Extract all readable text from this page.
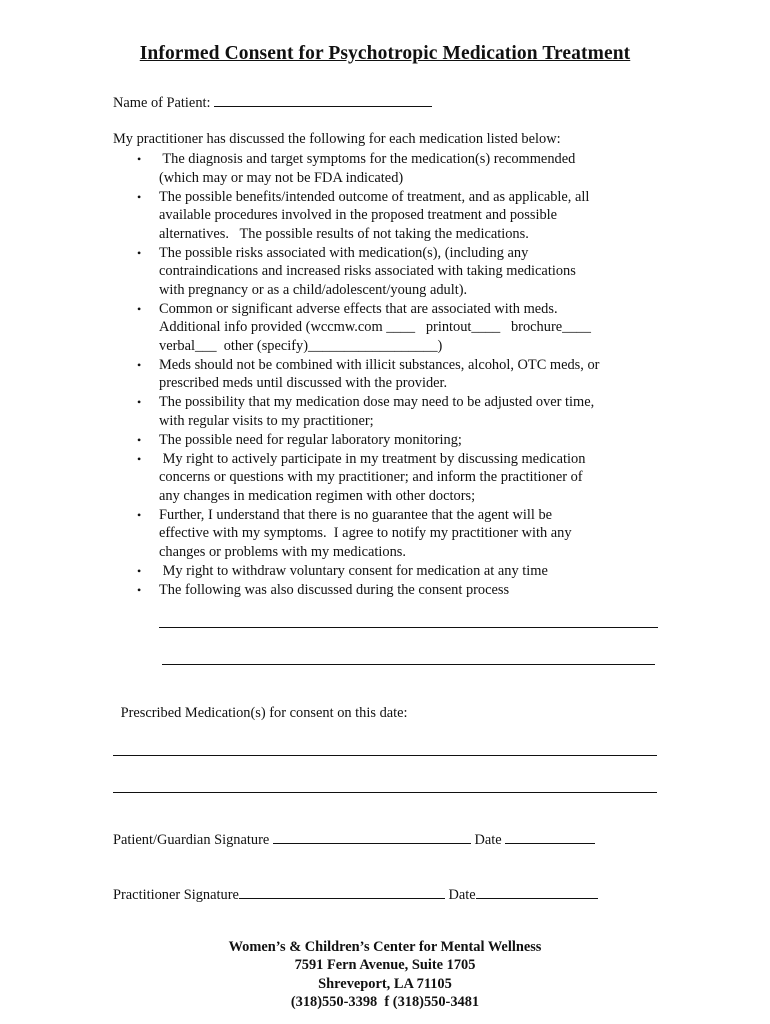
Informed Consent for Psychotropic Medication Treatment
Name of Patient:
My practitioner has discussed the following for each medication listed below:
• The diagnosis and target symptoms for the medication(s) recommended
(which may or may not be FDA indicated)
• The possible benefits/intended outcome of treatment, and as applicable, all
available procedures involved in the proposed treatment and possible
alternatives.   The possible results of not taking the medications.
• The possible risks associated with medication(s), (including any
contraindications and increased risks associated with taking medications
with pregnancy or as a child/adolescent/young adult).
• Common or significant adverse effects that are associated with meds.
Additional info provided (wccmw.com ____   printout____   brochure____
verbal___  other (specify)__________________)
• Meds should not be combined with illicit substances, alcohol, OTC meds, or
prescribed meds until discussed with the provider.
• The possibility that my medication dose may need to be adjusted over time,
with regular visits to my practitioner;
• The possible need for regular laboratory monitoring;
• My right to actively participate in my treatment by discussing medication
concerns or questions with my practitioner; and inform the practitioner of
any changes in medication regimen with other doctors;
• Further, I understand that there is no guarantee that the agent will be
effective with my symptoms.  I agree to notify my practitioner with any
changes or problems with my medications.
• My right to withdraw voluntary consent for medication at any time
• The following was also discussed during the consent process
Prescribed Medication(s) for consent on this date:
Patient/Guardian Signature	Date
Practitioner Signature	Date
Women’s & Children’s Center for Mental Wellness
7591 Fern Avenue, Suite 1705
Shreveport, LA 71105
(318)550-3398  f (318)550-3481
